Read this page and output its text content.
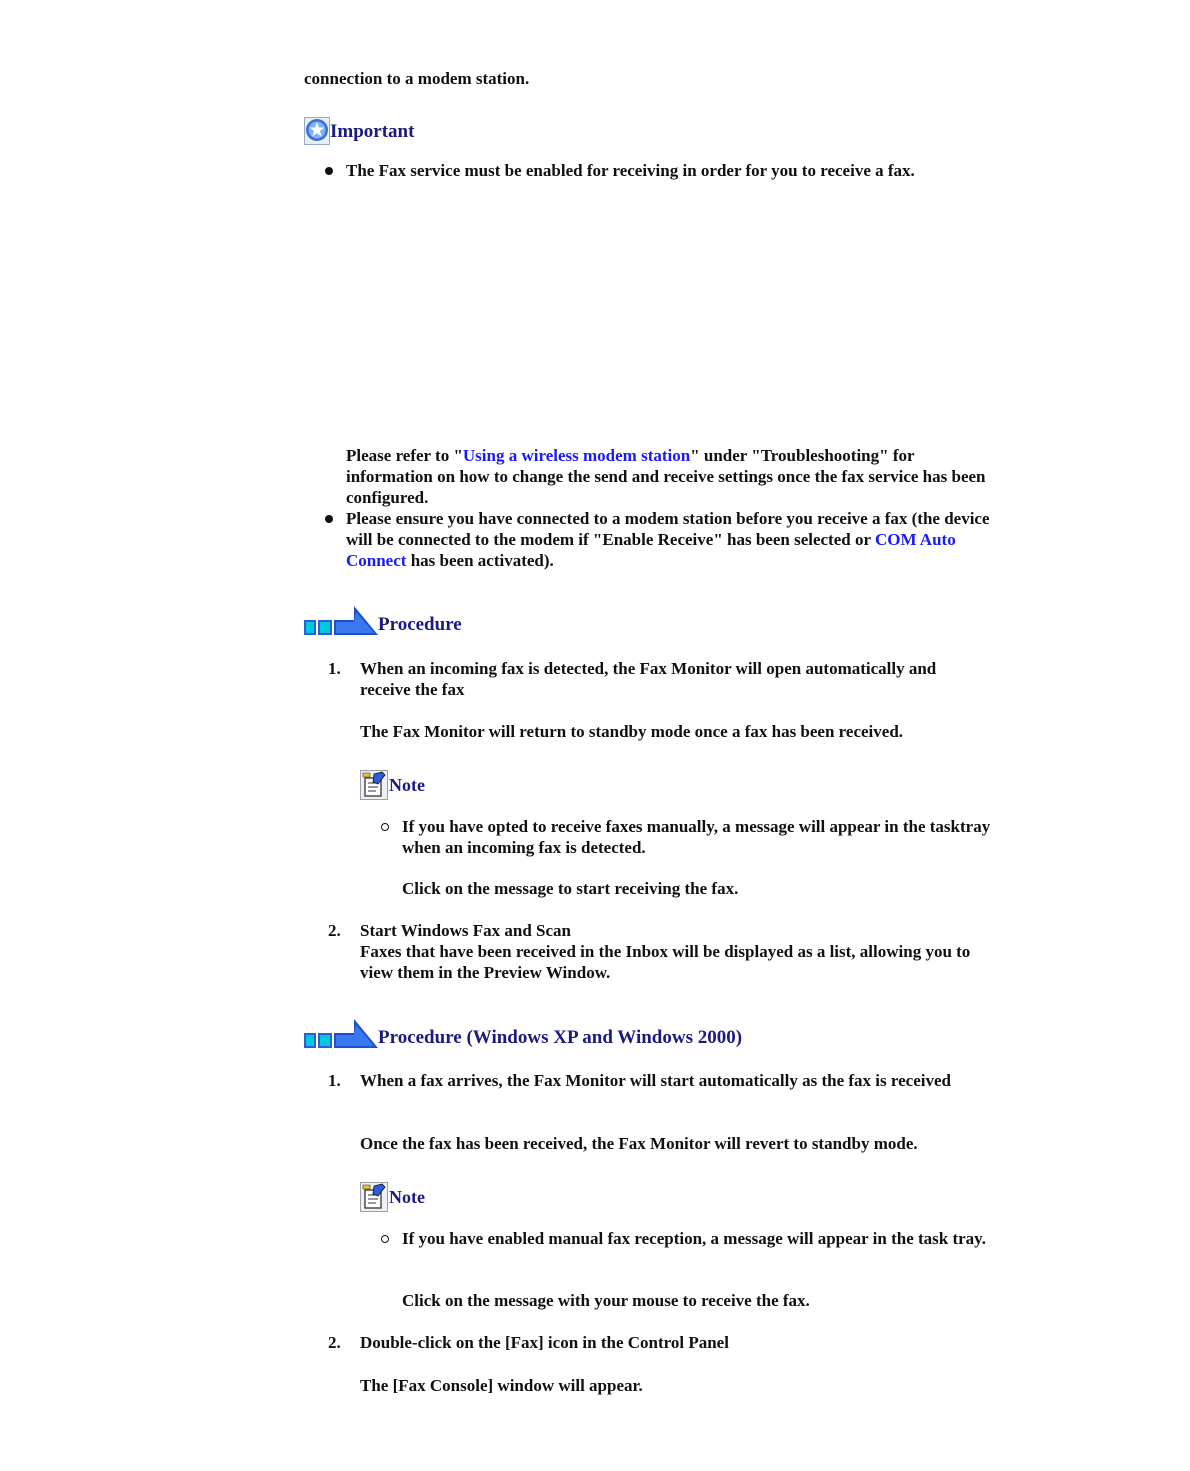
connection to a modem station.

Important

The Fax service must be enabled for receiving in order for you to receive a fax.

Please refer to "Using a wireless modem station" under "Troubleshooting" for information on how to change the send and receive settings once the fax service has been configured.

Please ensure you have connected to a modem station before you receive a fax (the device will be connected to the modem if "Enable Receive" has been selected or COM Auto Connect has been activated).

Procedure
1.	When an incoming fax is detected, the Fax Monitor will open automatically and receive the fax

The Fax Monitor will return to standby mode once a fax has been received.

Note

If you have opted to receive faxes manually, a message will appear in the tasktray when an incoming fax is detected.

Click on the message to start receiving the fax.

2.	Start Windows Fax and Scan

Faxes that have been received in the Inbox will be displayed as a list, allowing you to view them in the Preview Window.

Procedure (Windows XP and Windows 2000)
1.	When a fax arrives, the Fax Monitor will start automatically as the fax is received

Once the fax has been received, the Fax Monitor will revert to standby mode.

Note

If you have enabled manual fax reception, a message will appear in the task tray.

Click on the message with your mouse to receive the fax.

2.	Double-click on the [Fax] icon in the Control Panel

The [Fax Console] window will appear.
